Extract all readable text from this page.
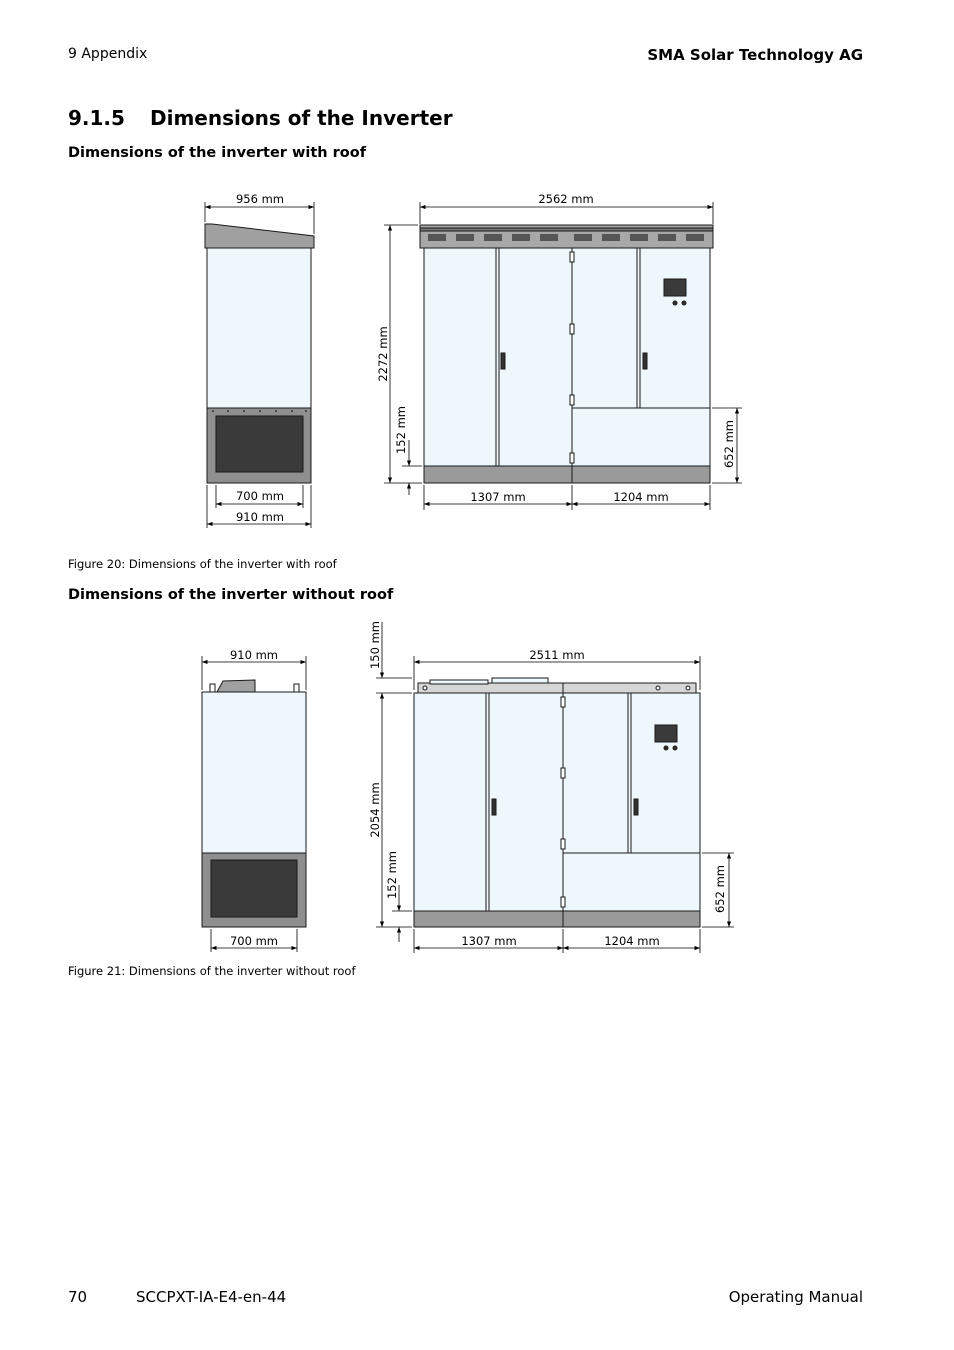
9 Appendix	SMA Solar Technology AG
9.1.5 Dimensions of the Inverter
Dimensions of the inverter with roof
Figure 20: Dimensions of the inverter with roof
Dimensions of the inverter without roof
Figure 21: Dimensions of the inverter without roof
956 mm
700 mm
910 mm
2562 mm
2272 mm
152 mm	652 mm
1307 mm	1204 mm
910 mm
700 mm
150 mm	2511 mm
2054 mm
152 mm	652 mm
1307 mm	1204 mm
70	SCCPXT-IA-E4-en-44	Operating Manual
